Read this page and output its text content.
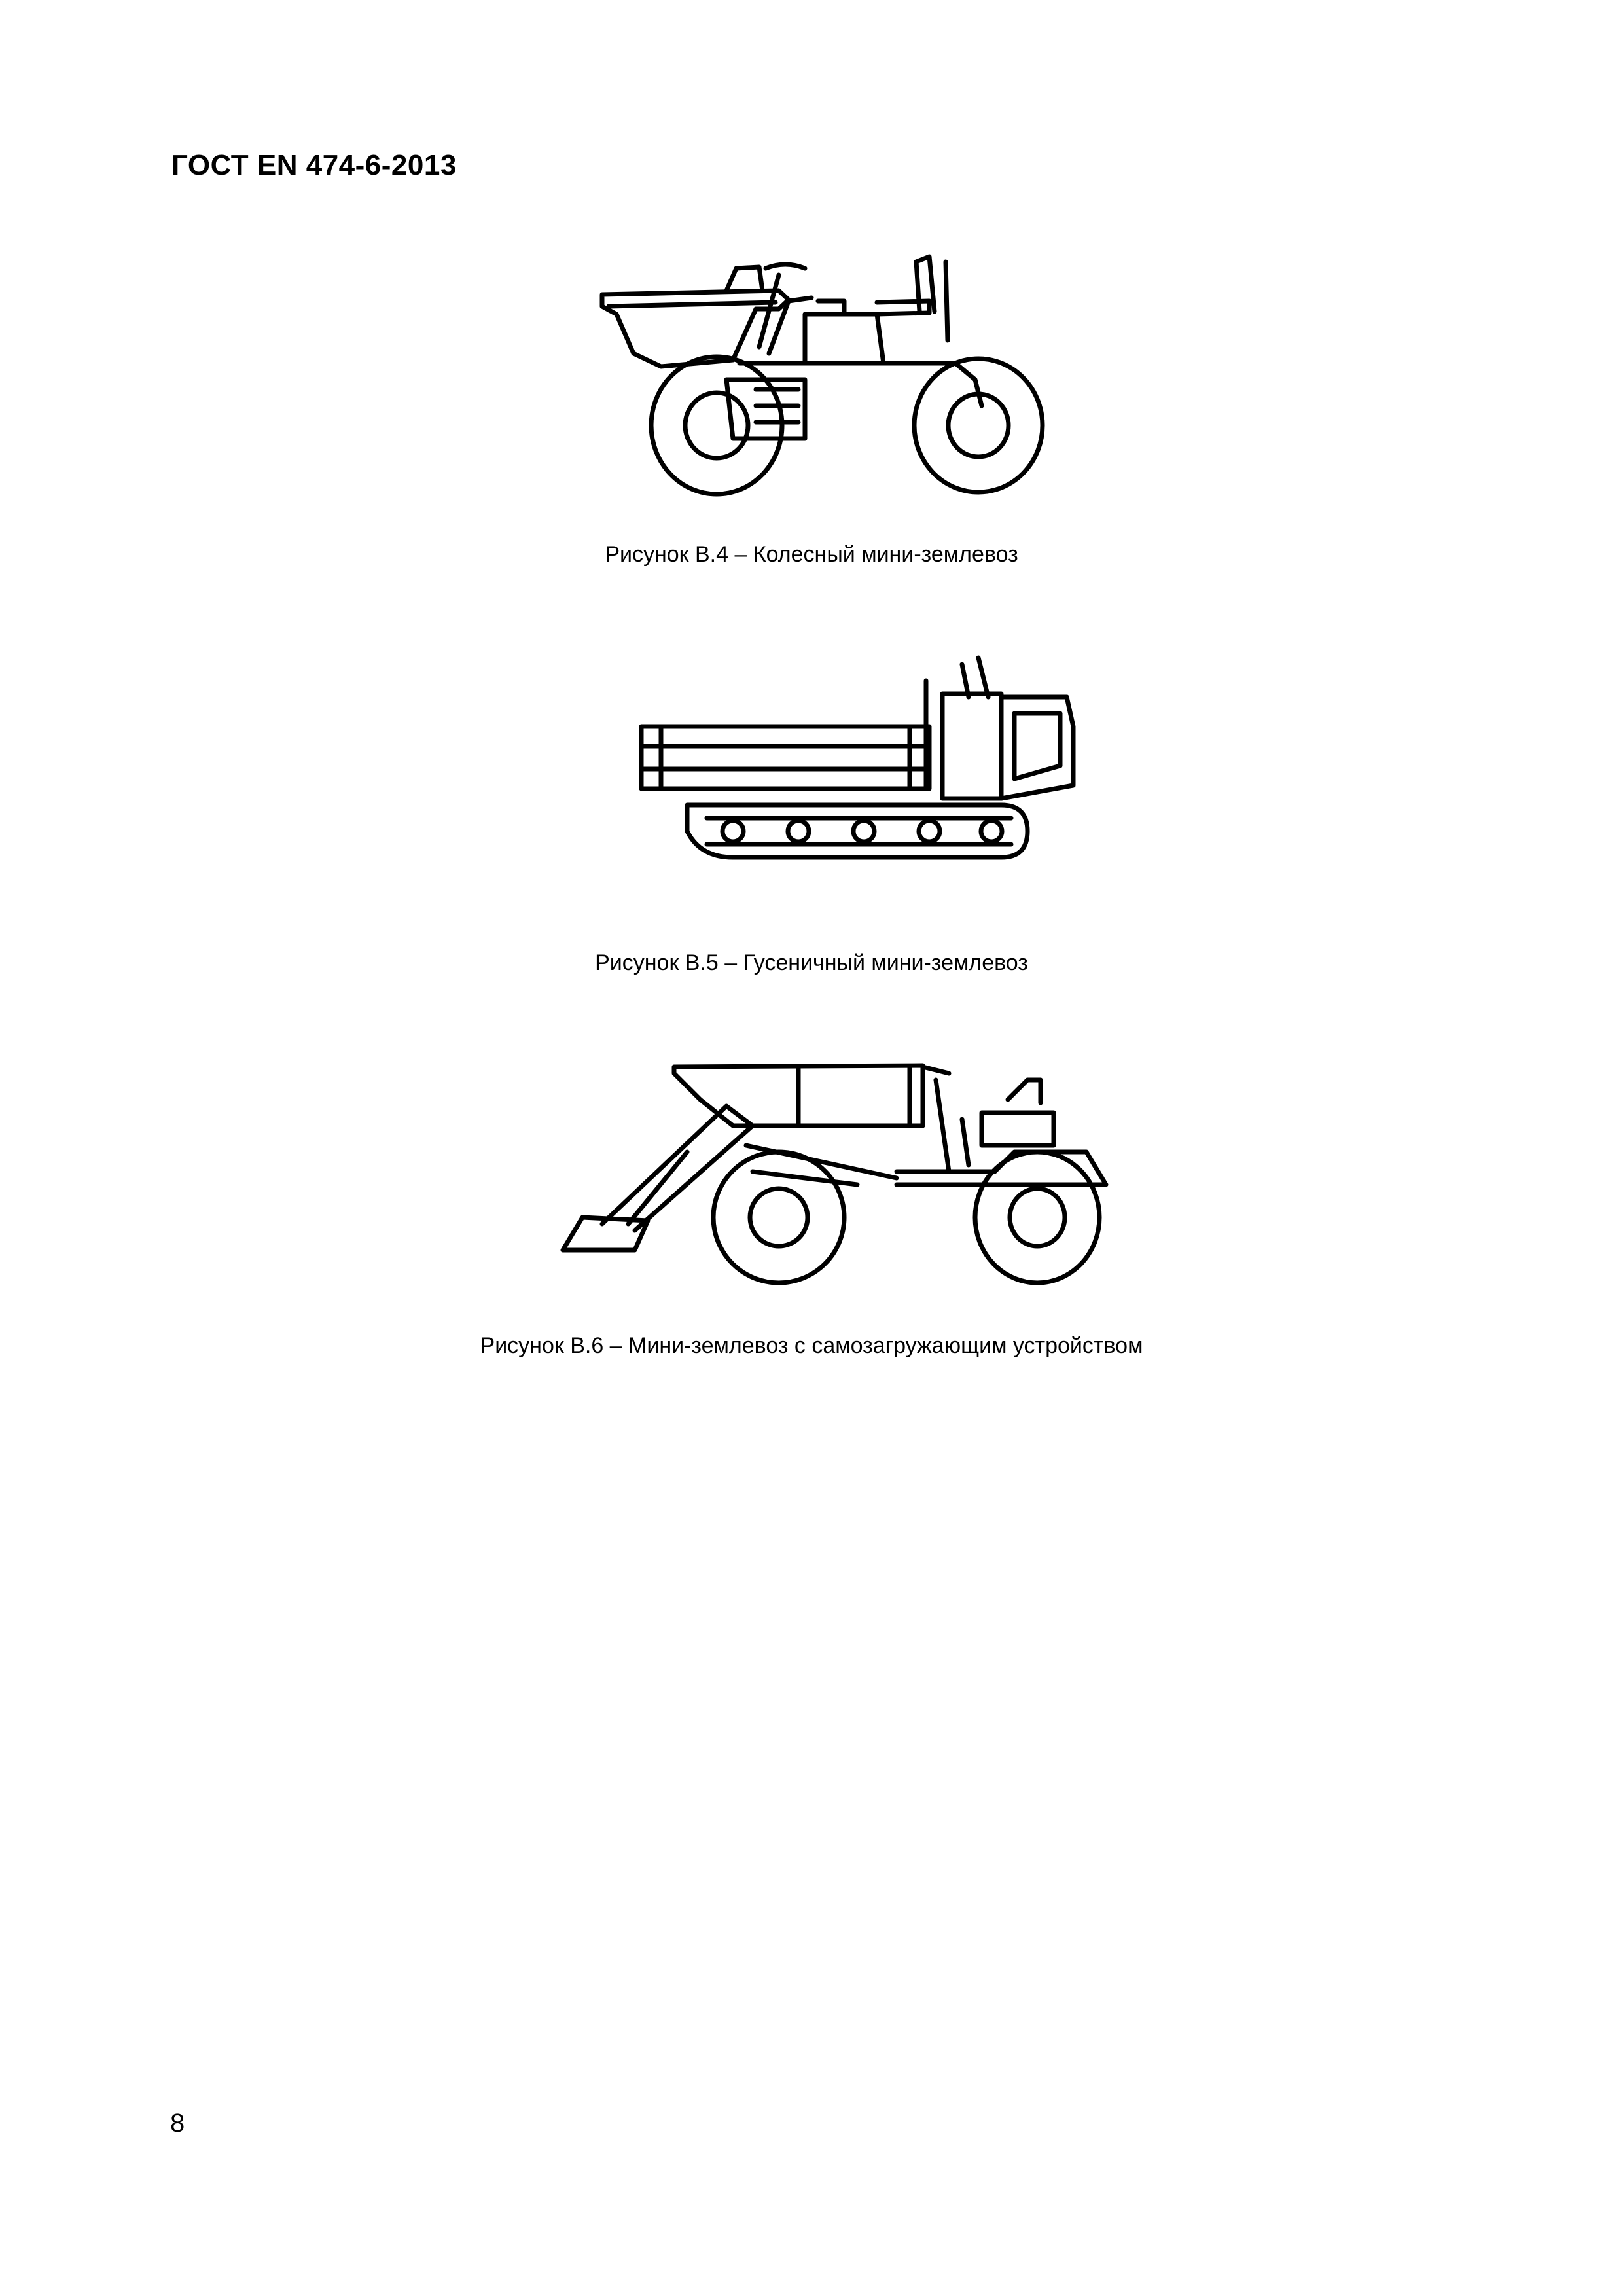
ГОСТ EN 474-6-2013
Рисунок В.4 – Колесный мини-землевоз
Рисунок В.5 – Гусеничный мини-землевоз
Рисунок В.6 – Мини-землевоз с самозагружающим устройством
8
